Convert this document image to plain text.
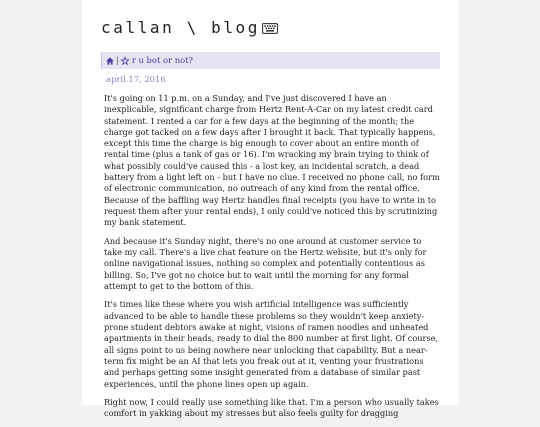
callan \ blog
| r u bot or not?
april 17, 2016

It's going on 11 p.m. on a Sunday, and I've just discovered I have an inexplicable, significant charge from Hertz Rent-A-Car on my latest credit card statement. I rented a car for a few days at the beginning of the month; the charge got tacked on a few days after I brought it back. That typically happens, except this time the charge is big enough to cover about an entire month of rental time (plus a tank of gas or 16). I'm wracking my brain trying to think of what possibly could've caused this - a lost key, an incidental scratch, a dead battery from a light left on - but I have no clue. I received no phone call, no form of electronic communication, no outreach of any kind from the rental office. Because of the baffling way Hertz handles final receipts (you have to write in to request them after your rental ends), I only could've noticed this by scrutinizing my bank statement.

And because it's Sunday night, there's no one around at customer service to take my call. There's a live chat feature on the Hertz website, but it's only for online navigational issues, nothing so complex and potentially contentious as billing. So, I've got no choice but to wait until the morning for any formal attempt to get to the bottom of this.

It's times like these where you wish artificial intelligence was sufficiently advanced to be able to handle these problems so they wouldn't keep anxiety-prone student debtors awake at night, visions of ramen noodles and unheated apartments in their heads, ready to dial the 800 number at first light. Of course, all signs point to us being nowhere near unlocking that capability. But a near-term fix might be an AI that lets you freak out at it, venting your frustrations and perhaps getting some insight generated from a database of similar past experiences, until the phone lines open up again.

Right now, I could really use something like that. I'm a person who usually takes comfort in yakking about my stresses but also feels guilty for dragging
